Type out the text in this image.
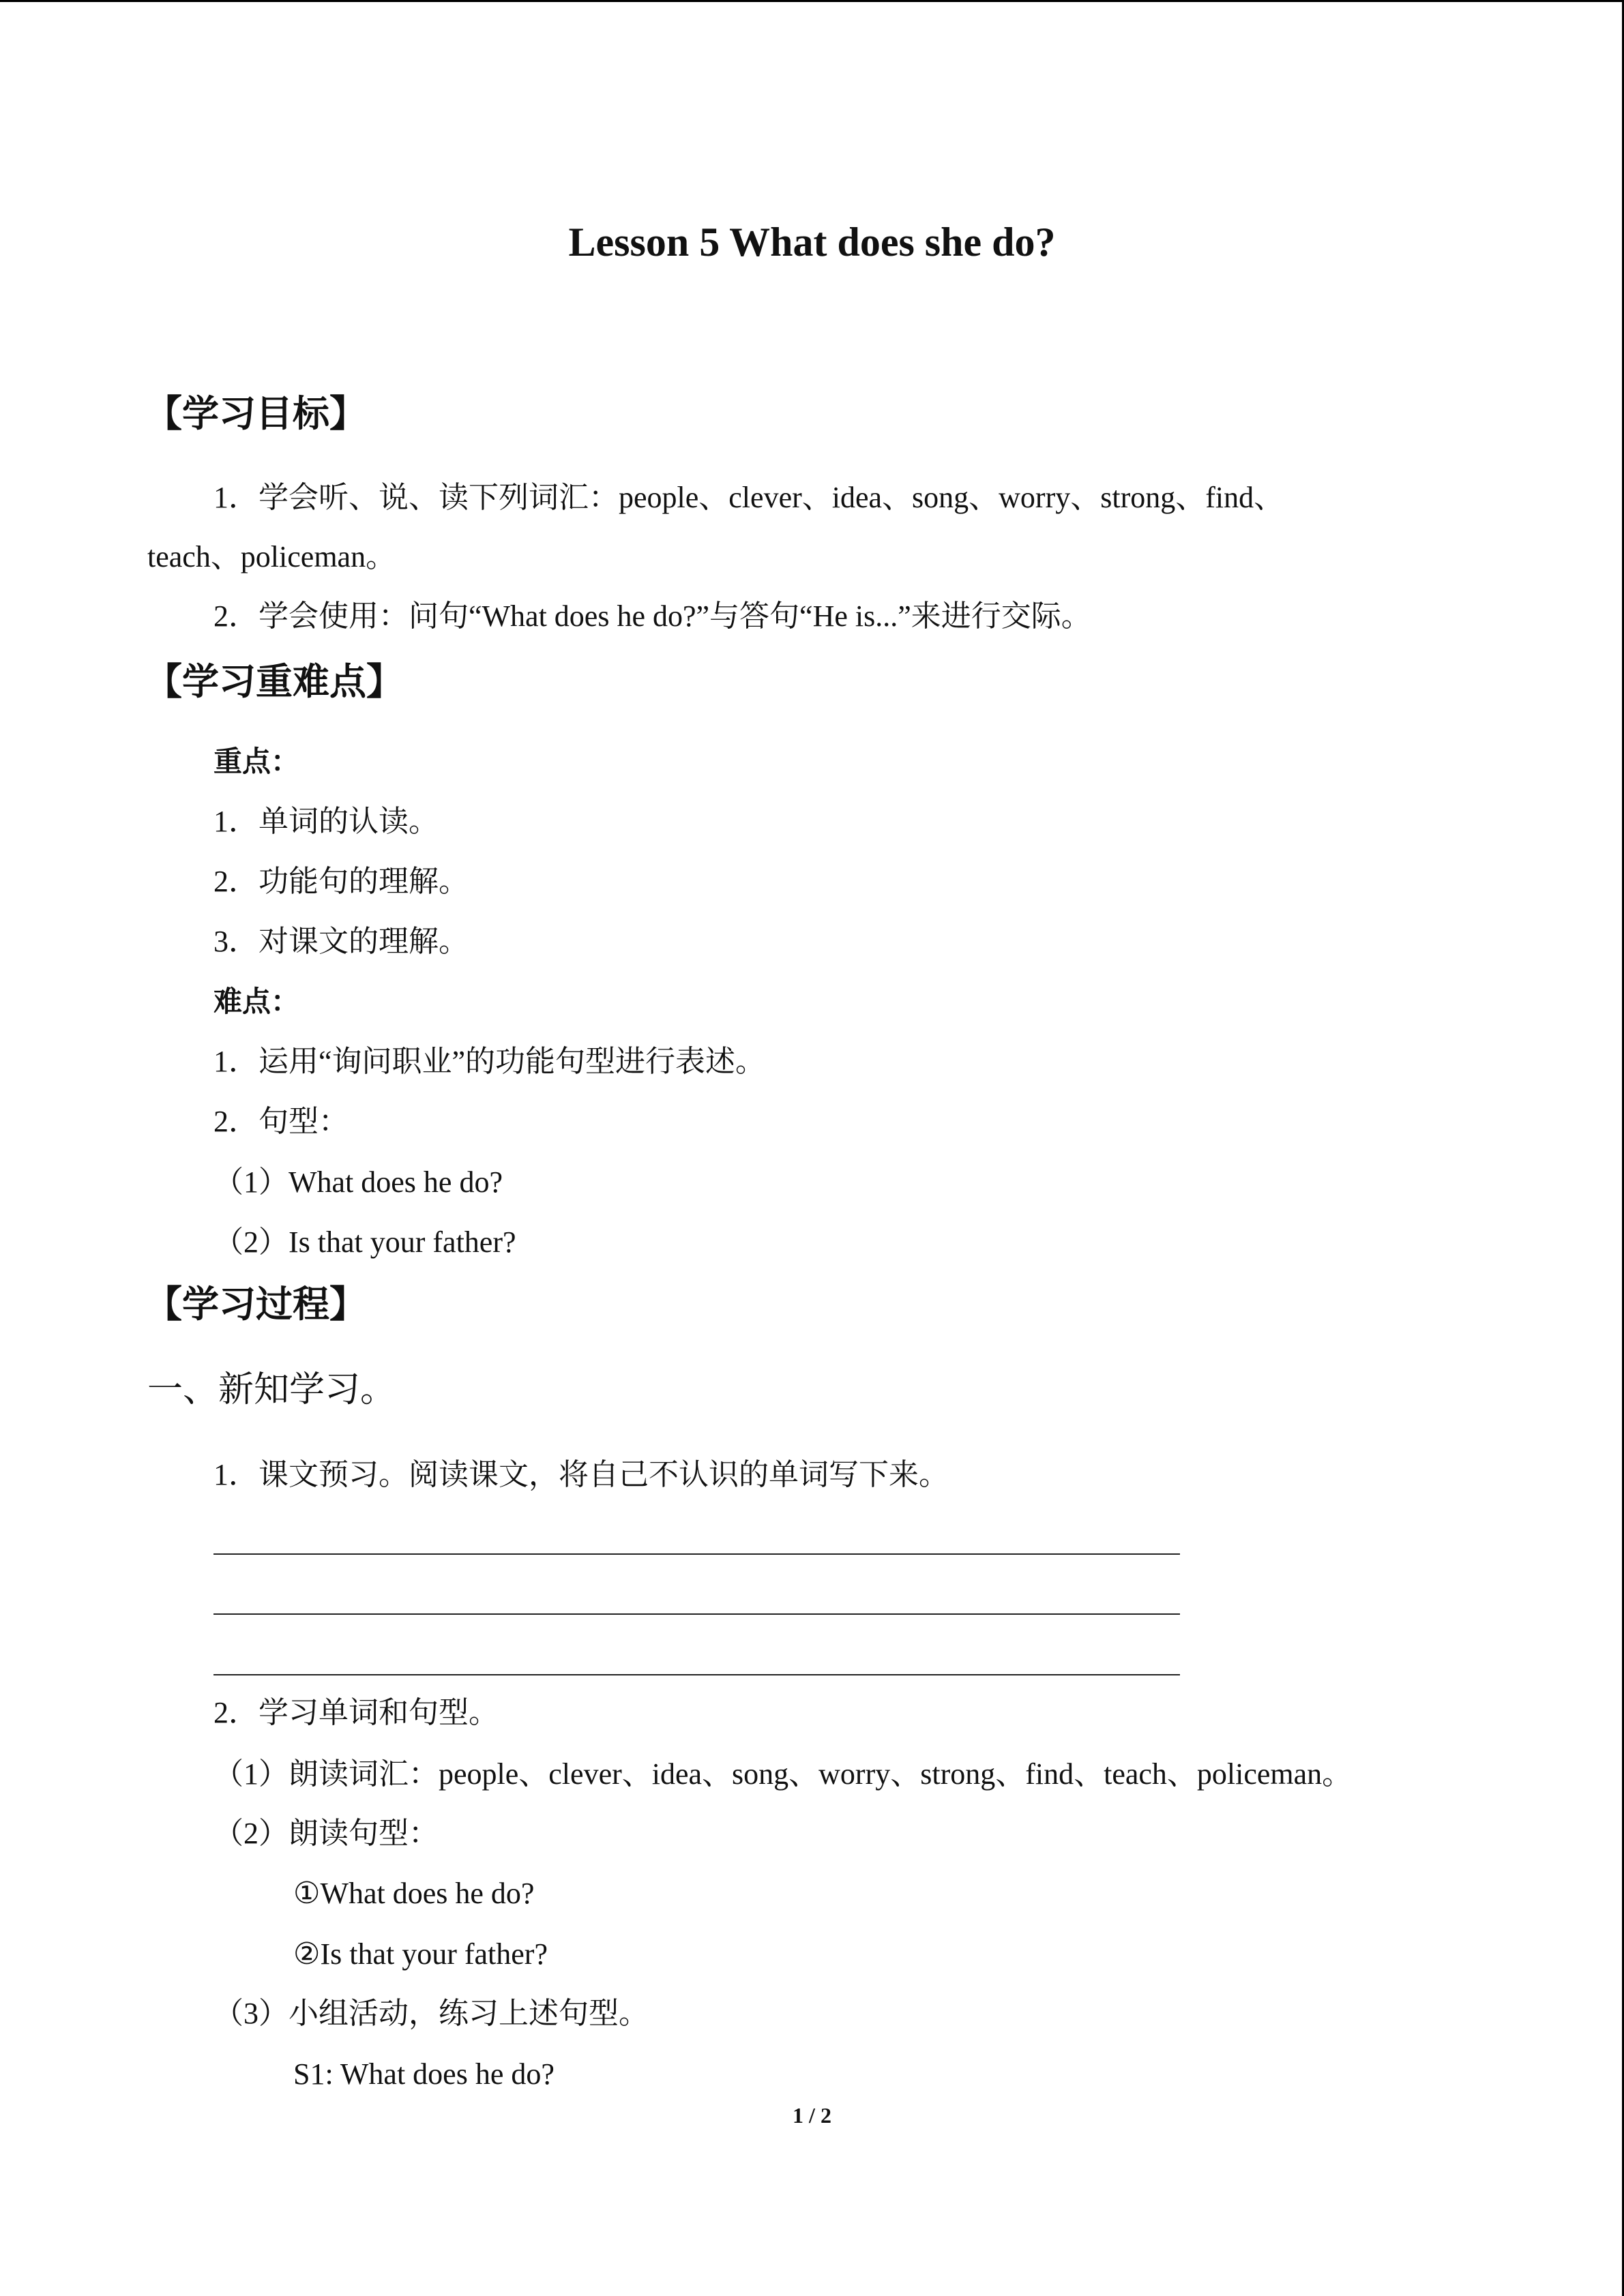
Lesson 5 What does she do?
【学习目标】
1．学会听、说、读下列词汇：people、clever、idea、song、worry、strong、find、
teach、policeman。
2．学会使用：问句“What does he do?”与答句“He is...”来进行交际。
【学习重难点】
重点：
1．单词的认读。
2．功能句的理解。
3．对课文的理解。
难点：
1．运用“询问职业”的功能句型进行表述。
2．句型：
（1）What does he do?
（2）Is that your father?
【学习过程】
一、新知学习。
1．课文预习。阅读课文，将自己不认识的单词写下来。
2．学习单词和句型。
（1）朗读词汇：people、clever、idea、song、worry、strong、find、teach、policeman。
（2）朗读句型：
①What does he do?
②Is that your father?
（3）小组活动，练习上述句型。
S1: What does he do?
1 / 2
